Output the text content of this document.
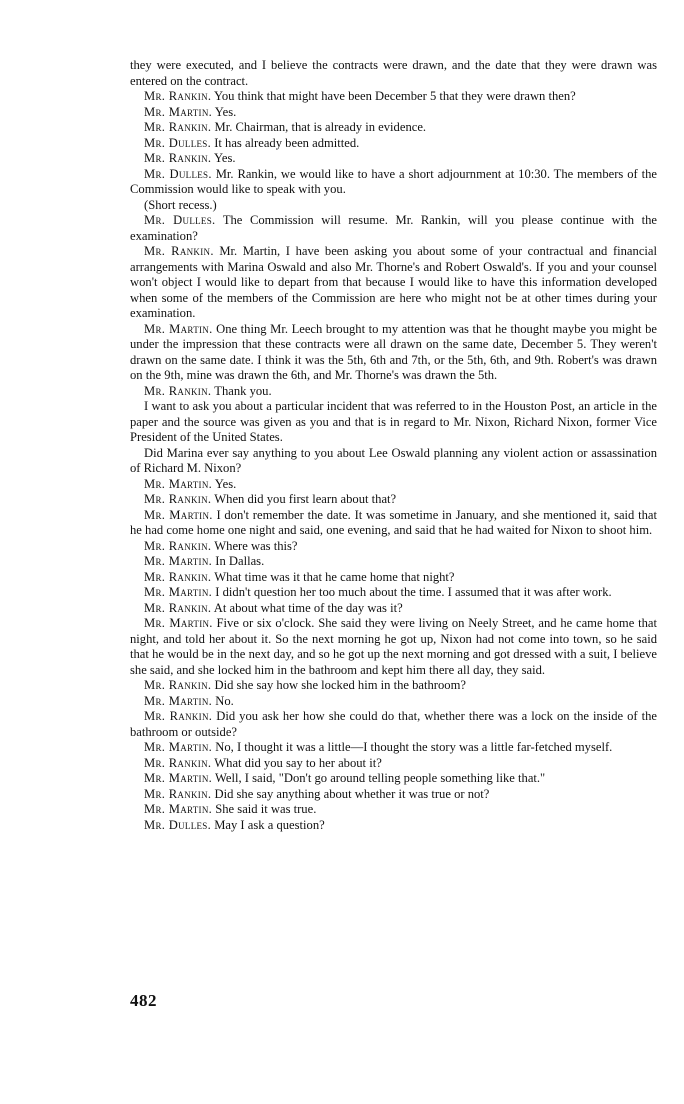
they were executed, and I believe the contracts were drawn, and the date that they were drawn was entered on the contract.

Mr. Rankin. You think that might have been December 5 that they were drawn then?

Mr. Martin. Yes.

Mr. Rankin. Mr. Chairman, that is already in evidence.

Mr. Dulles. It has already been admitted.

Mr. Rankin. Yes.

Mr. Dulles. Mr. Rankin, we would like to have a short adjournment at 10:30. The members of the Commission would like to speak with you.

(Short recess.)

Mr. Dulles. The Commission will resume. Mr. Rankin, will you please continue with the examination?

Mr. Rankin. Mr. Martin, I have been asking you about some of your contractual and financial arrangements with Marina Oswald and also Mr. Thorne's and Robert Oswald's. If you and your counsel won't object I would like to depart from that because I would like to have this information developed when some of the members of the Commission are here who might not be at other times during your examination.

Mr. Martin. One thing Mr. Leech brought to my attention was that he thought maybe you might be under the impression that these contracts were all drawn on the same date, December 5. They weren't drawn on the same date. I think it was the 5th, 6th and 7th, or the 5th, 6th, and 9th. Robert's was drawn on the 9th, mine was drawn the 6th, and Mr. Thorne's was drawn the 5th.

Mr. Rankin. Thank you.

I want to ask you about a particular incident that was referred to in the Houston Post, an article in the paper and the source was given as you and that is in regard to Mr. Nixon, Richard Nixon, former Vice President of the United States.

Did Marina ever say anything to you about Lee Oswald planning any violent action or assassination of Richard M. Nixon?

Mr. Martin. Yes.

Mr. Rankin. When did you first learn about that?

Mr. Martin. I don't remember the date. It was sometime in January, and she mentioned it, said that he had come home one night and said, one evening, and said that he had waited for Nixon to shoot him.

Mr. Rankin. Where was this?

Mr. Martin. In Dallas.

Mr. Rankin. What time was it that he came home that night?

Mr. Martin. I didn't question her too much about the time. I assumed that it was after work.

Mr. Rankin. At about what time of the day was it?

Mr. Martin. Five or six o'clock. She said they were living on Neely Street, and he came home that night, and told her about it. So the next morning he got up, Nixon had not come into town, so he said that he would be in the next day, and so he got up the next morning and got dressed with a suit, I believe she said, and she locked him in the bathroom and kept him there all day, they said.

Mr. Rankin. Did she say how she locked him in the bathroom?

Mr. Martin. No.

Mr. Rankin. Did you ask her how she could do that, whether there was a lock on the inside of the bathroom or outside?

Mr. Martin. No, I thought it was a little—I thought the story was a little far-fetched myself.

Mr. Rankin. What did you say to her about it?

Mr. Martin. Well, I said, "Don't go around telling people something like that."

Mr. Rankin. Did she say anything about whether it was true or not?

Mr. Martin. She said it was true.

Mr. Dulles. May I ask a question?

482
